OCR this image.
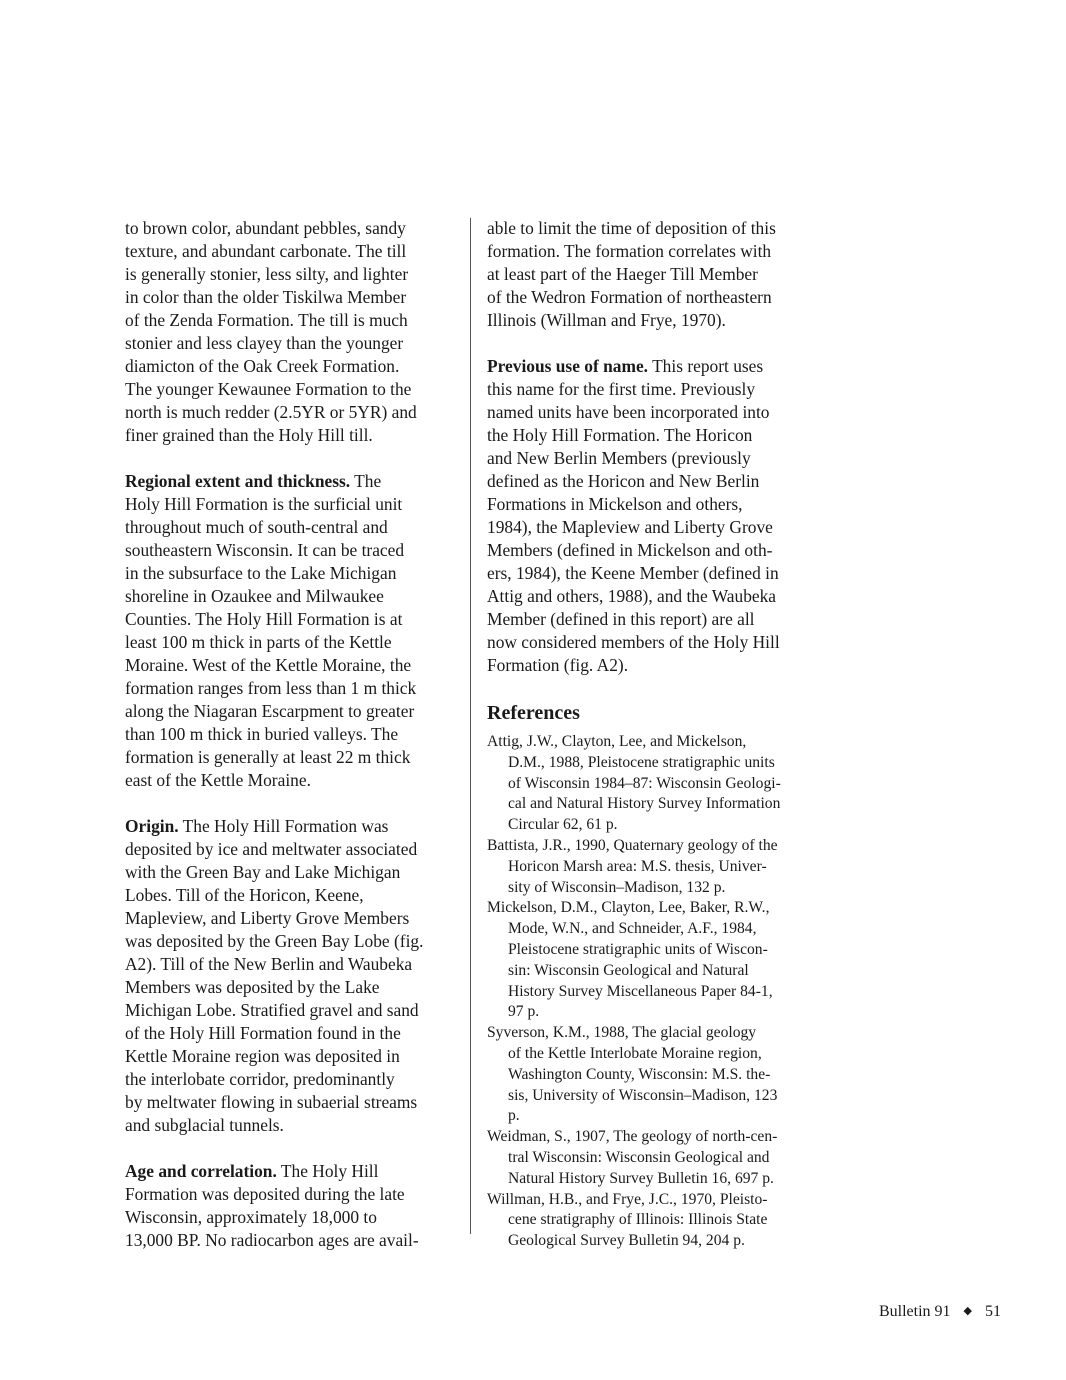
to brown color, abundant pebbles, sandy
texture, and abundant carbonate. The till
is generally stonier, less silty, and lighter
in color than the older Tiskilwa Member
of the Zenda Formation. The till is much
stonier and less clayey than the younger
diamicton of the Oak Creek Formation.
The younger Kewaunee Formation to the
north is much redder (2.5YR or 5YR) and
finer grained than the Holy Hill till.
Regional extent and thickness. The
Holy Hill Formation is the surficial unit
throughout much of south-central and
southeastern Wisconsin. It can be traced
in the subsurface to the Lake Michigan
shoreline in Ozaukee and Milwaukee
Counties. The Holy Hill Formation is at
least 100 m thick in parts of the Kettle
Moraine. West of the Kettle Moraine, the
formation ranges from less than 1 m thick
along the Niagaran Escarpment to greater
than 100 m thick in buried valleys. The
formation is generally at least 22 m thick
east of the Kettle Moraine.
Origin. The Holy Hill Formation was
deposited by ice and meltwater associated
with the Green Bay and Lake Michigan
Lobes. Till of the Horicon, Keene,
Mapleview, and Liberty Grove Members
was deposited by the Green Bay Lobe (fig.
A2). Till of the New Berlin and Waubeka
Members was deposited by the Lake
Michigan Lobe. Stratified gravel and sand
of the Holy Hill Formation found in the
Kettle Moraine region was deposited in
the interlobate corridor, predominantly
by meltwater flowing in subaerial streams
and subglacial tunnels.
Age and correlation. The Holy Hill
Formation was deposited during the late
Wisconsin, approximately 18,000 to
13,000 BP. No radiocarbon ages are avail-
able to limit the time of deposition of this
formation. The formation correlates with
at least part of the Haeger Till Member
of the Wedron Formation of northeastern
Illinois (Willman and Frye, 1970).
Previous use of name. This report uses
this name for the first time. Previously
named units have been incorporated into
the Holy Hill Formation. The Horicon
and New Berlin Members (previously
defined as the Horicon and New Berlin
Formations in Mickelson and others,
1984), the Mapleview and Liberty Grove
Members (defined in Mickelson and oth-
ers, 1984), the Keene Member (defined in
Attig and others, 1988), and the Waubeka
Member (defined in this report) are all
now considered members of the Holy Hill
Formation (fig. A2).
References
Attig, J.W., Clayton, Lee, and Mickelson,
D.M., 1988, Pleistocene stratigraphic units
of Wisconsin 1984–87: Wisconsin Geologi-
cal and Natural History Survey Information
Circular 62, 61 p.
Battista, J.R., 1990, Quaternary geology of the
Horicon Marsh area: M.S. thesis, Univer-
sity of Wisconsin–Madison, 132 p.
Mickelson, D.M., Clayton, Lee, Baker, R.W.,
Mode, W.N., and Schneider, A.F., 1984,
Pleistocene stratigraphic units of Wiscon-
sin: Wisconsin Geological and Natural
History Survey Miscellaneous Paper 84-1,
97 p.
Syverson, K.M., 1988, The glacial geology
of the Kettle Interlobate Moraine region,
Washington County, Wisconsin: M.S. the-
sis, University of Wisconsin–Madison, 123
p.
Weidman, S., 1907, The geology of north-cen-
tral Wisconsin: Wisconsin Geological and
Natural History Survey Bulletin 16, 697 p.
Willman, H.B., and Frye, J.C., 1970, Pleisto-
cene stratigraphy of Illinois: Illinois State
Geological Survey Bulletin 94, 204 p.
Bulletin 91 ◆ 51
